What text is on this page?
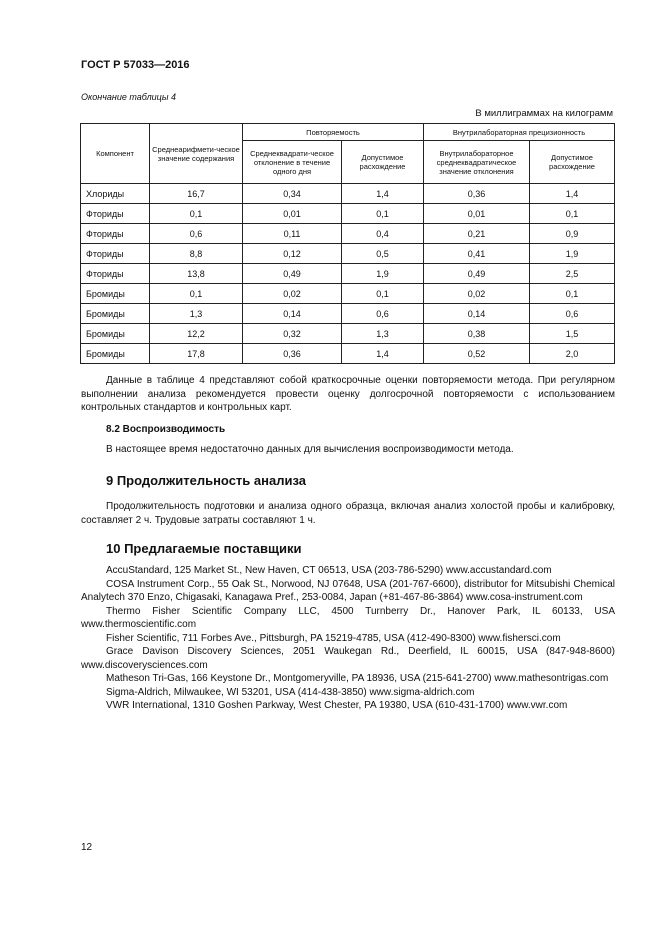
ГОСТ Р 57033—2016
Окончание таблицы 4
В миллиграммах на килограмм
Компонент	Среднеарифмети-ческое значение содержания	Повторяемость		Внутрилабораторная прецизионность	
		Среднеквадрати-ческое отклонение в течение одного дня	Допустимое расхождение	Внутрилабораторное среднеквадратическое значение отклонения	Допустимое расхождение
Хлориды	16,7	0,34	1,4	0,36	1,4
Фториды	0,1	0,01	0,1	0,01	0,1
Фториды	0,6	0,11	0,4	0,21	0,9
Фториды	8,8	0,12	0,5	0,41	1,9
Фториды	13,8	0,49	1,9	0,49	2,5
Бромиды	0,1	0,02	0,1	0,02	0,1
Бромиды	1,3	0,14	0,6	0,14	0,6
Бромиды	12,2	0,32	1,3	0,38	1,5
Бромиды	17,8	0,36	1,4	0,52	2,0
Данные в таблице 4 представляют собой краткосрочные оценки повторяемости метода. При регулярном выполнении анализа рекомендуется провести оценку долгосрочной повторяемости с использованием контрольных стандартов и контрольных карт.
8.2 Воспроизводимость
В настоящее время недостаточно данных для вычисления воспроизводимости метода.
9 Продолжительность анализа
Продолжительность подготовки и анализа одного образца, включая анализ холостой пробы и калибровку, составляет 2 ч. Трудовые затраты составляют 1 ч.
10 Предлагаемые поставщики
AccuStandard, 125 Market St., New Haven, CT 06513, USA (203-786-5290) www.accustandard.com
COSA Instrument Corp., 55 Oak St., Norwood, NJ 07648, USA (201-767-6600), distributor for Mitsubishi Chemical Analytech 370 Enzo, Chigasaki, Kanagawa Pref., 253-0084, Japan (+81-467-86-3864) www.cosa-instrument.com
Thermo Fisher Scientific Company LLC, 4500 Turnberry Dr., Hanover Park, IL 60133, USA www.thermoscientific.com
Fisher Scientific, 711 Forbes Ave., Pittsburgh, PA 15219-4785, USA (412-490-8300) www.fishersci.com
Grace Davison Discovery Sciences, 2051 Waukegan Rd., Deerfield, IL 60015, USA (847-948-8600) www.discoverysciences.com
Matheson Tri-Gas, 166 Keystone Dr., Montgomeryville, PA 18936, USA (215-641-2700) www.mathesontrigas.com
Sigma-Aldrich, Milwaukee, WI 53201, USA (414-438-3850) www.sigma-aldrich.com
VWR International, 1310 Goshen Parkway, West Chester, PA 19380, USA (610-431-1700) www.vwr.com
12
